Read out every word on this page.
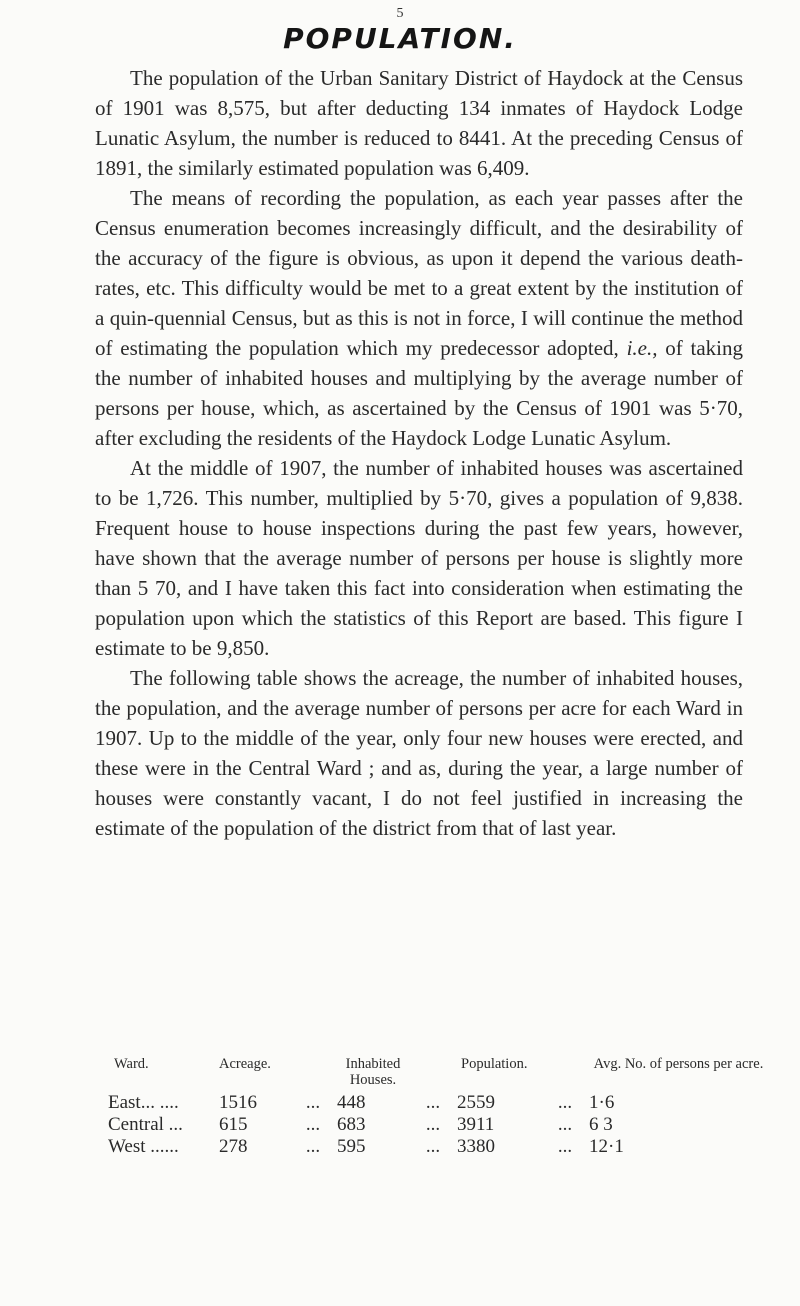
5
POPULATION.

The population of the Urban Sanitary District of Haydock at the Census of 1901 was 8,575, but after deducting 134 inmates of Haydock Lodge Lunatic Asylum, the number is reduced to 8441. At the preceding Census of 1891, the similarly estimated population was 6,409.

The means of recording the population, as each year passes after the Census enumeration becomes increasingly difficult, and the desirability of the accuracy of the figure is obvious, as upon it depend the various death-rates, etc. This difficulty would be met to a great extent by the institution of a quin-quennial Census, but as this is not in force, I will continue the method of estimating the population which my predecessor adopted, i.e., of taking the number of inhabited houses and multiplying by the average number of persons per house, which, as ascertained by the Census of 1901 was 5·70, after excluding the residents of the Haydock Lodge Lunatic Asylum.

At the middle of 1907, the number of inhabited houses was ascertained to be 1,726. This number, multiplied by 5·70, gives a population of 9,838. Frequent house to house inspections during the past few years, however, have shown that the average number of persons per house is slightly more than 5 70, and I have taken this fact into consideration when estimating the population upon which the statistics of this Report are based. This figure I estimate to be 9,850.

The following table shows the acreage, the number of inhabited houses, the population, and the average number of persons per acre for each Ward in 1907. Up to the middle of the year, only four new houses were erected, and these were in the Central Ward ; and as, during the year, a large number of houses were constantly vacant, I do not feel justified in increasing the estimate of the population of the district from that of last year.

Ward.	Acreage.		Inhabited Houses.		Population.		Avg. No. of persons per acre.
East... ....	1516	...	448	...	2559	...	1·6
Central ...	615	...	683	...	3911	...	6 3
West ......	278	...	595	...	3380	...	12·1
